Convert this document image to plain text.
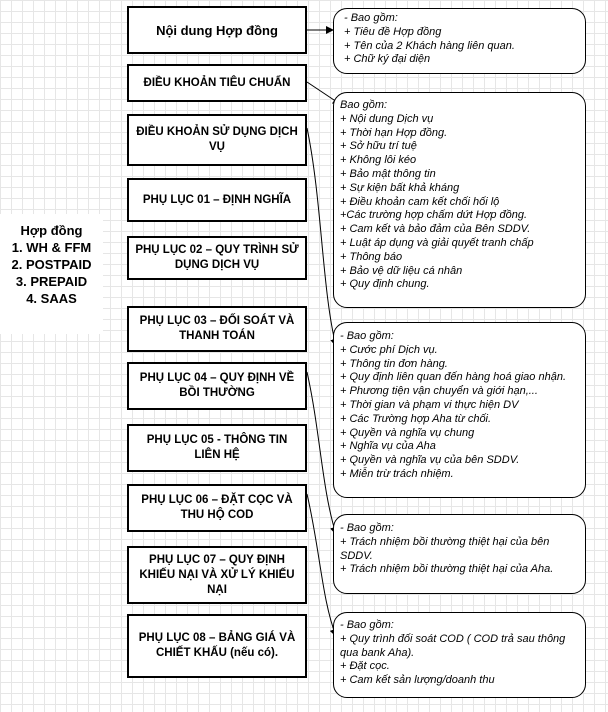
Hợp đồng
1. WH & FFM
2. POSTPAID
3. PREPAID
4. SAAS
Nội dung Hợp đồng
ĐIỀU KHOẢN TIÊU CHUẨN
ĐIỀU KHOẢN SỬ DỤNG DỊCH VỤ
PHỤ LỤC 01 – ĐỊNH NGHĨA
PHỤ LỤC 02 – QUY TRÌNH SỬ DỤNG DỊCH VỤ
PHỤ LỤC 03 – ĐỐI SOÁT VÀ THANH TOÁN
PHỤ LỤC 04 – QUY ĐỊNH VỀ BỒI THƯỜNG
PHỤ LỤC 05 - THÔNG TIN LIÊN HỆ
PHỤ LỤC 06 – ĐẶT CỌC VÀ THU HỘ COD
PHỤ LỤC 07 – QUY ĐỊNH KHIẾU NẠI VÀ XỬ LÝ KHIẾU NẠI
PHỤ LỤC 08 – BẢNG GIÁ VÀ CHIẾT KHẤU (nếu có).
- Bao gồm:
+ Tiêu đề Hợp đồng
+ Tên của 2 Khách hàng liên quan.
+ Chữ ký đại diện
Bao gồm:
+ Nội dung Dịch vụ
+ Thời hạn Hợp đồng.
+ Sở hữu trí tuệ
+ Không lôi kéo
+ Bảo mật thông tin
+ Sự kiện bất khả kháng
+ Điều khoản cam kết chối hối lộ
+Các trường hợp chấm dứt Hợp đồng.
+ Cam kết và bảo đảm của Bên SDDV.
+ Luật áp dụng và giải quyết tranh chấp
+ Thông báo
+ Bảo vệ dữ liệu cá nhân
+ Quy định chung.
- Bao gồm:
+ Cước phí Dịch vụ.
+ Thông tin đơn hàng.
+ Quy định liên quan đến hàng hoá giao nhận.
+ Phương tiện vận chuyển và giới hạn,...
+ Thời gian và phạm vi thực hiện DV
+ Các Trường hợp Aha từ chối.
+ Quyền và nghĩa vụ chung
+ Nghĩa vụ của Aha
+ Quyền và nghĩa vụ của bên SDDV.
+ Miễn trừ trách nhiệm.
- Bao gồm:
+ Trách nhiệm bồi thường thiệt hại của bên SDDV.
+ Trách nhiệm bồi thường thiệt hại của Aha.
- Bao gồm:
+ Quy trình đối soát COD ( COD trả sau thông qua bank Aha).
+ Đặt cọc.
+ Cam kết sản lượng/doanh thu
